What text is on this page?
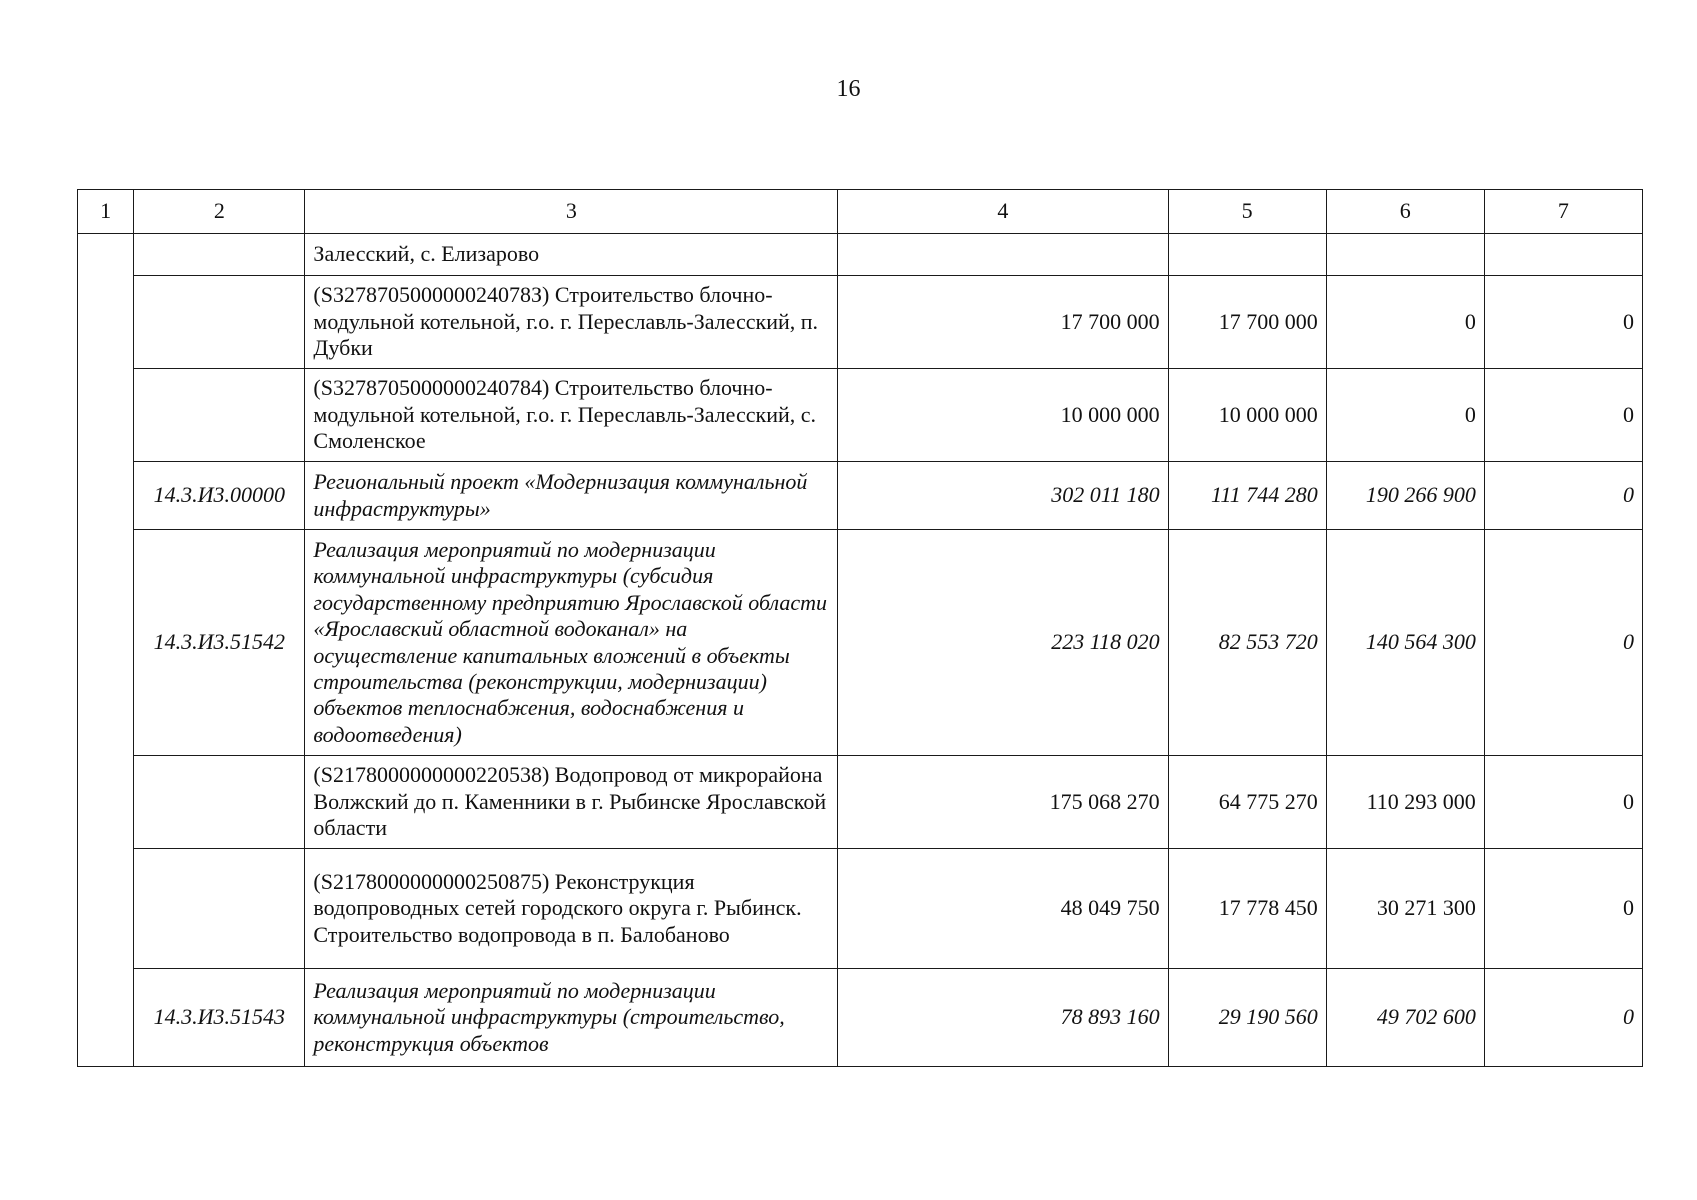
16
1	2	3	4	5	6	7
		Залесский, с. Елизарово				
		(S327870500000024078З) Строительство блочно-модульной котельной, г.о. г. Переславль-Залесский, п. Дубки	17 700 000	17 700 000	0	0
		(S3278705000000240784) Строительство блочно-модульной котельной, г.о. г. Переславль-Залесский, с. Смоленское	10 000 000	10 000 000	0	0
	14.3.И3.00000	Региональный проект «Модернизация коммунальной инфраструктуры»	302 011 180	111 744 280	190 266 900	0
	14.3.И3.51542	Реализация мероприятий по модернизации коммунальной инфраструктуры (субсидия государственному предприятию Ярославской области «Ярославский областной водоканал» на осуществление капитальных вложений в объекты строительства (реконструкции, модернизации) объектов теплоснабжения, водоснабжения и водоотведения)	223 118 020	82 553 720	140 564 300	0
		(S2178000000000220538) Водопровод от микрорайона Волжский до п. Каменники в г. Рыбинске Ярославской области	175 068 270	64 775 270	110 293 000	0
		(S2178000000000250875) Реконструкция водопроводных сетей городского округа г. Рыбинск. Строительство водопровода в п. Балобаново	48 049 750	17 778 450	30 271 300	0
	14.3.И3.51543	Реализация мероприятий по модернизации коммунальной инфраструктуры (строительство, реконструкция объектов	78 893 160	29 190 560	49 702 600	0
